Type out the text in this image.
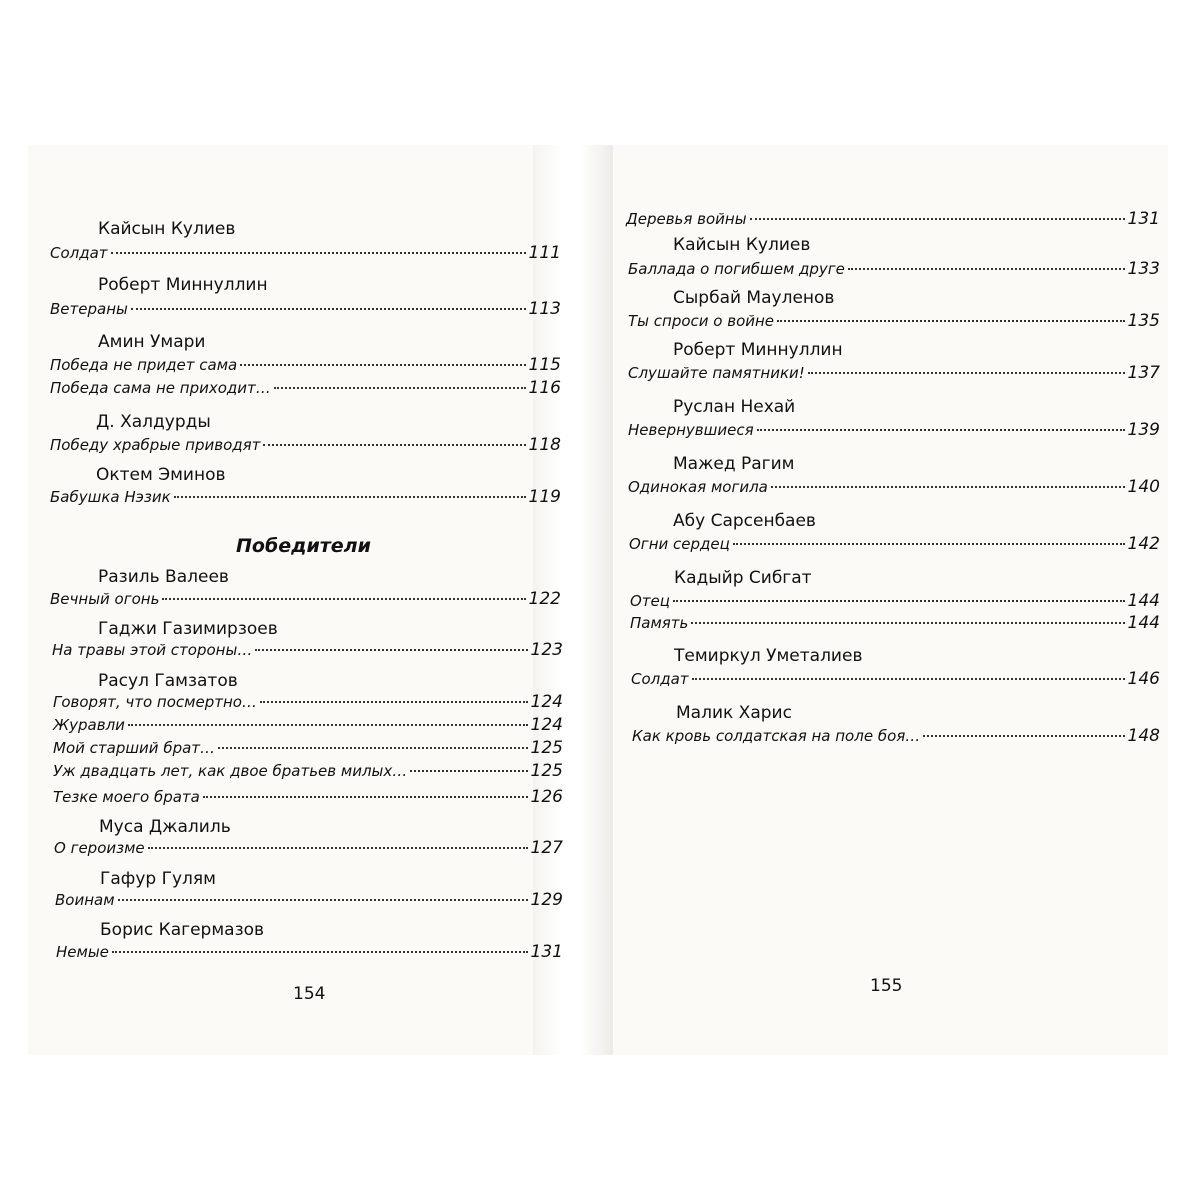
Кайсын Кулиев
Солдат	111
Роберт Миннуллин
Ветераны	113
Амин Умари
Победа не придет сама	115
Победа сама не приходит…	116
Д. Халдурды
Победу храбрые приводят	118
Октем Эминов
Бабушка Нэзик	119
Победители
Разиль Валеев
Вечный огонь	122
Гаджи Газимирзоев
На травы этой стороны…	123
Расул Гамзатов
Говорят, что посмертно…	124
Журавли	124
Мой старший брат…	125
Уж двадцать лет, как двое братьев милых…	125
Тезке моего брата	126
Муса Джалиль
О героизме	127
Гафур Гулям
Воинам	129
Борис Кагермазов
Немые	131
154
Деревья войны	131
Кайсын Кулиев
Баллада о погибшем друге	133
Сырбай Мауленов
Ты спроси о войне	135
Роберт Миннуллин
Слушайте памятники!	137
Руслан Нехай
Невернувшиеся	139
Мажед Рагим
Одинокая могила	140
Абу Сарсенбаев
Огни сердец	142
Кадыйр Сибгат
Отец	144
Память	144
Темиркул Уметалиев
Солдат	146
Малик Харис
Как кровь солдатская на поле боя…	148
155
